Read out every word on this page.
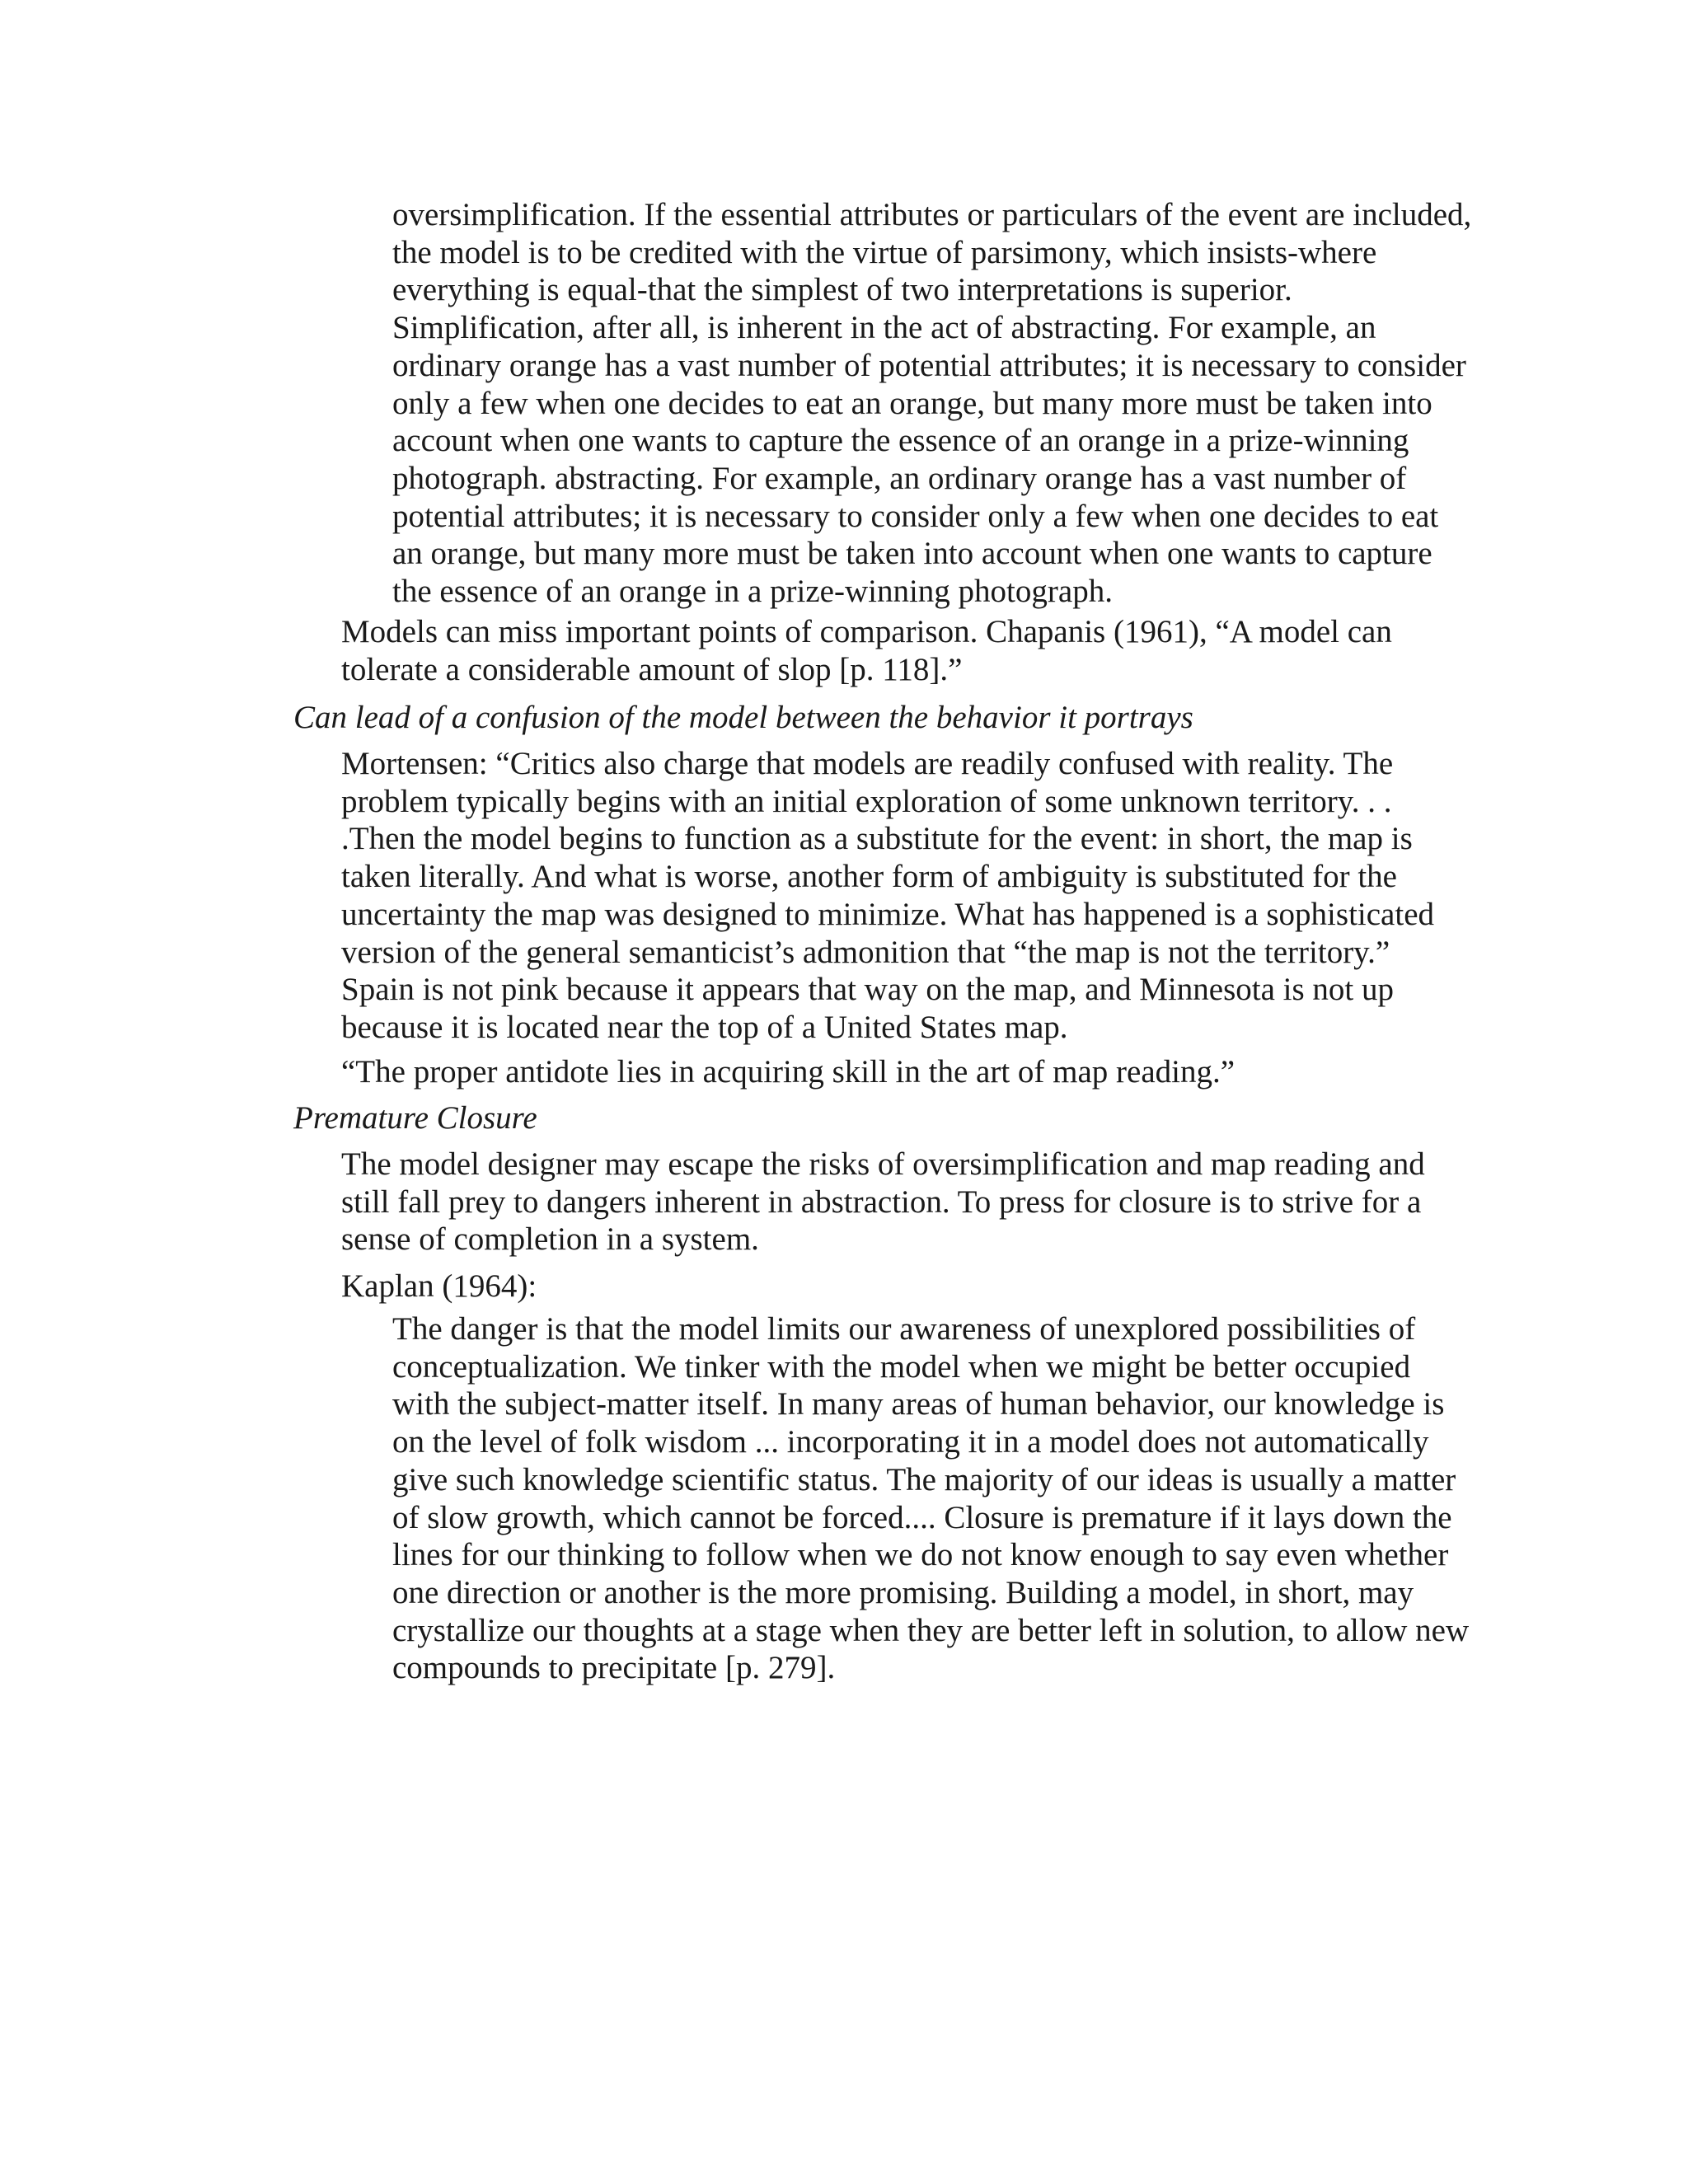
oversimplification. If the essential attributes or particulars of the event are included, the model is to be credited with the virtue of parsimony, which insists-where everything is equal-that the simplest of two interpretations is superior. Simplification, after all, is inherent in the act of abstracting. For example, an ordinary orange has a vast number of potential attributes; it is necessary to consider only a few when one decides to eat an orange, but many more must be taken into account when one wants to capture the essence of an orange in a prize-winning photograph. abstracting. For example, an ordinary orange has a vast number of potential attributes; it is necessary to consider only a few when one decides to eat an orange, but many more must be taken into account when one wants to capture the essence of an orange in a prize-winning photograph.

Models can miss important points of comparison. Chapanis (1961), “A model can tolerate a considerable amount of slop [p. 118].”

Can lead of a confusion of the model between the behavior it portrays

Mortensen: “Critics also charge that models are readily confused with reality. The problem typically begins with an initial exploration of some unknown territory. . . .Then the model begins to function as a substitute for the event: in short, the map is taken literally. And what is worse, another form of ambiguity is substituted for the uncertainty the map was designed to minimize. What has happened is a sophisticated version of the general semanticist’s admonition that “the map is not the territory.” Spain is not pink because it appears that way on the map, and Minnesota is not up because it is located near the top of a United States map.

“The proper antidote lies in acquiring skill in the art of map reading.”

Premature Closure

The model designer may escape the risks of oversimplification and map reading and still fall prey to dangers inherent in abstraction. To press for closure is to strive for a sense of completion in a system.

Kaplan (1964):

The danger is that the model limits our awareness of unexplored possibilities of conceptualization. We tinker with the model when we might be better occupied with the subject-matter itself. In many areas of human behavior, our knowledge is on the level of folk wisdom ... incorporating it in a model does not automatically give such knowledge scientific status. The majority of our ideas is usually a matter of slow growth, which cannot be forced.... Closure is premature if it lays down the lines for our thinking to follow when we do not know enough to say even whether one direction or another is the more promising. Building a model, in short, may crystallize our thoughts at a stage when they are better left in solution, to allow new compounds to precipitate [p. 279].
